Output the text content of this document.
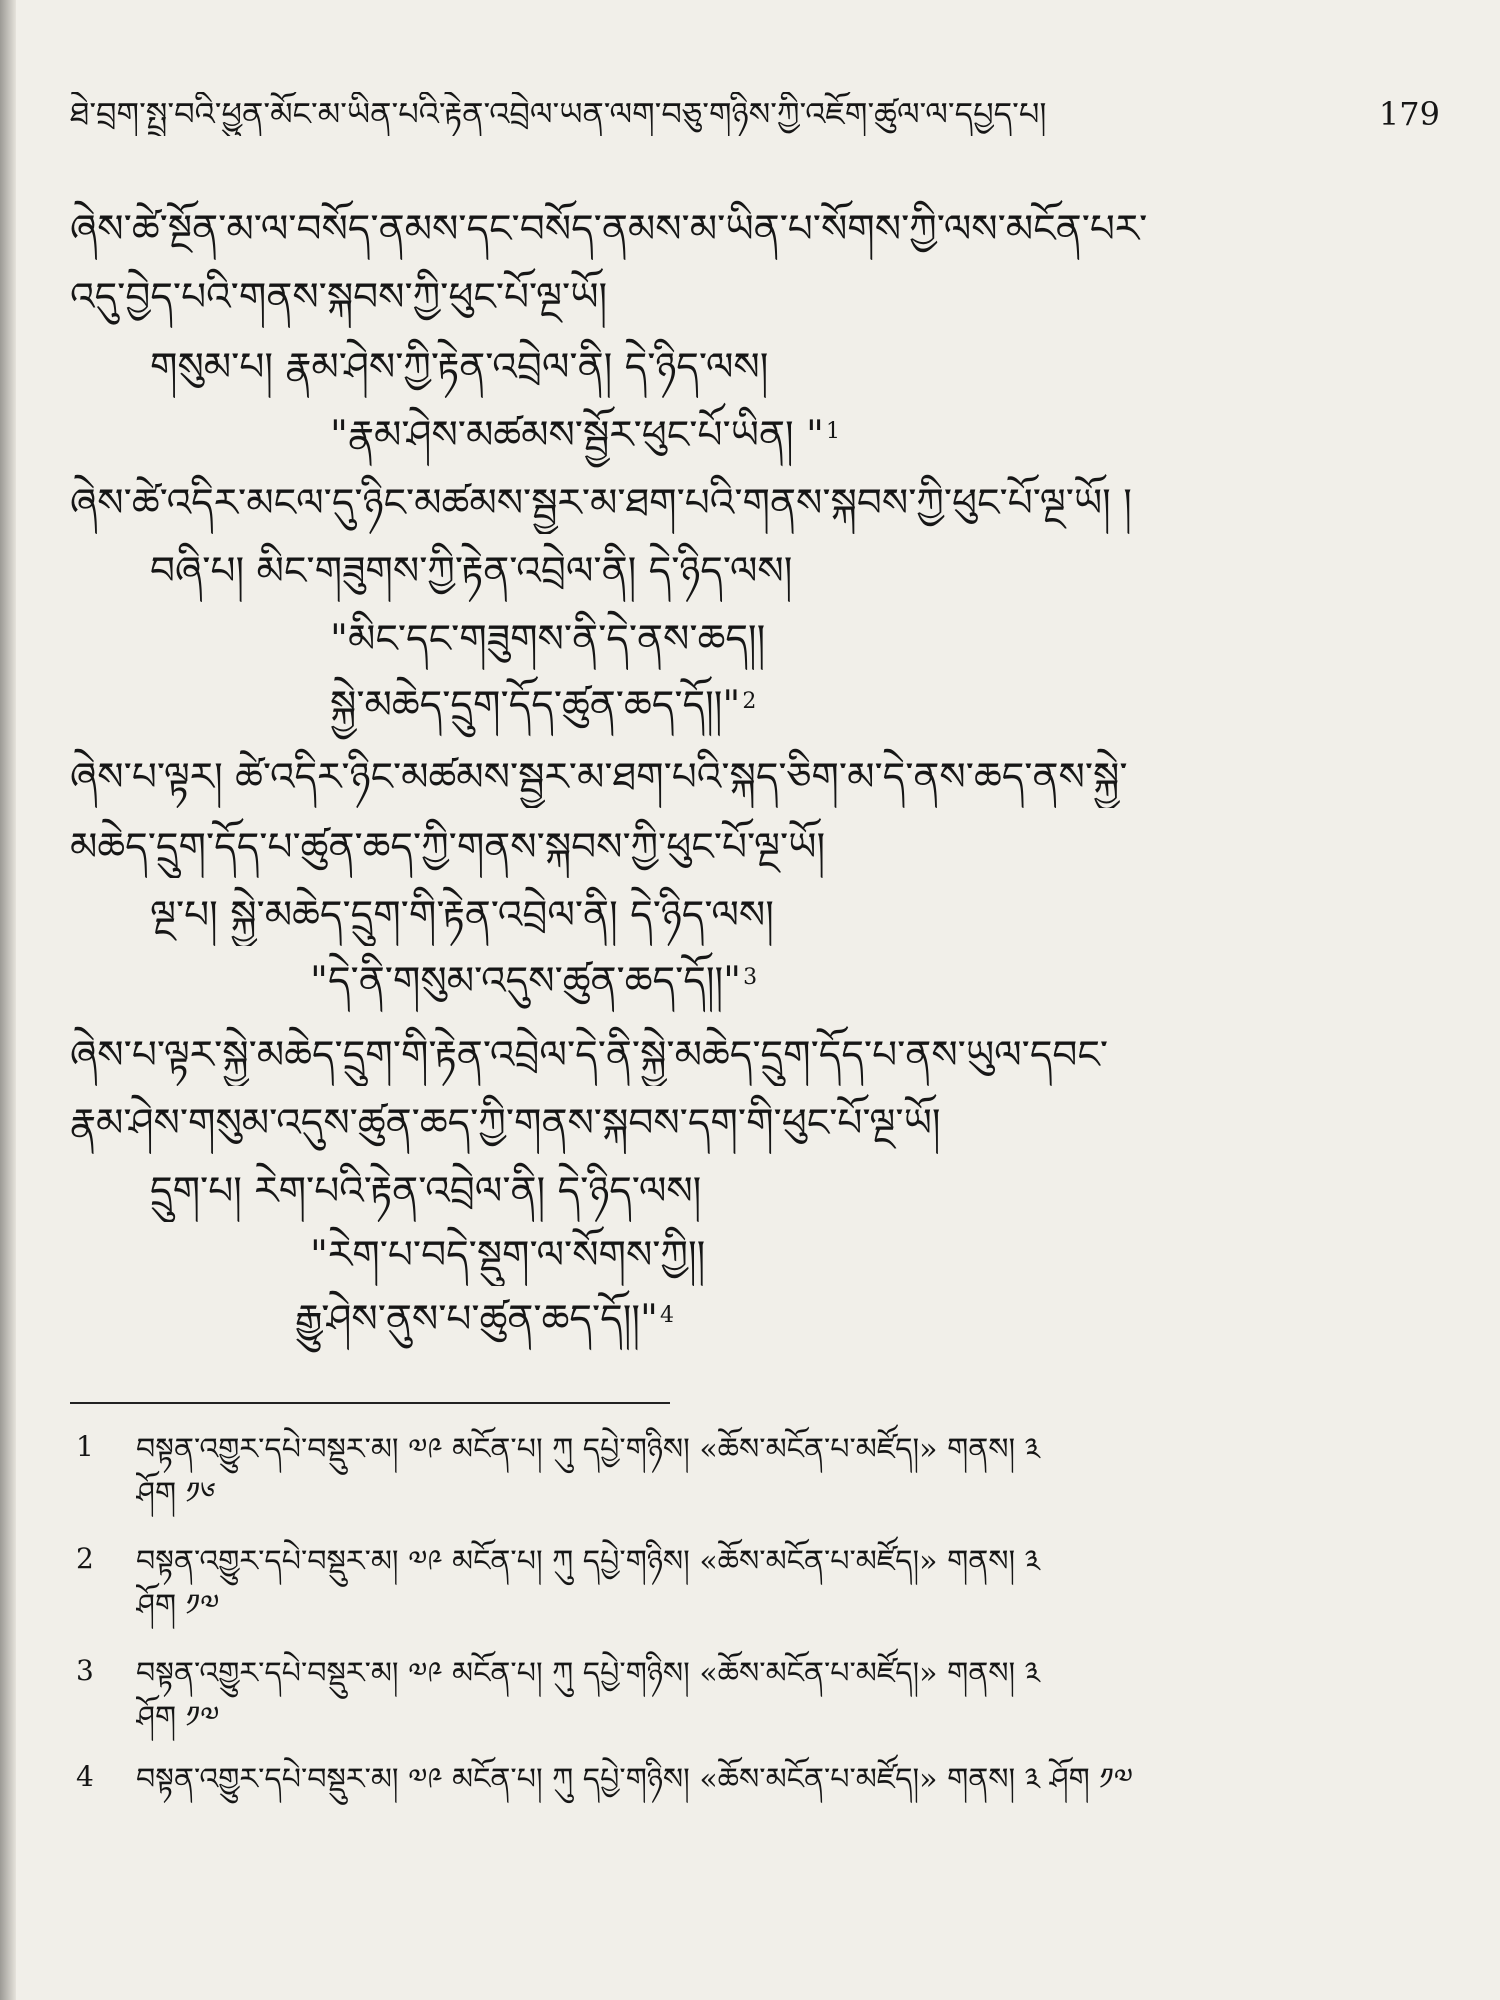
ཐེ་བྲག་སྤྲ་བའི་ཕྱུན་མོང་མ་ཡིན་པའི་རྟེན་འབྲེལ་ཡན་ལག་བཅུ་གཉིས་ཀྱི་འཇོག་ཚུལ་ལ་དཔྱད་པ།	179
ཞེས་ཚེ་སྔོན་མ་ལ་བསོད་ནམས་དང་བསོད་ནམས་མ་ཡིན་པ་སོགས་ཀྱི་ལས་མངོན་པར་
འདུ་བྱེད་པའི་གནས་སྐབས་ཀྱི་ཕུང་པོ་ལྔ་ཡོ།
གསུམ་པ། རྣམ་ཤེས་ཀྱི་རྟེན་འབྲེལ་ནི། དེ་ཉིད་ལས།
"རྣམ་ཤེས་མཚམས་སྦྱོར་ཕུང་པོ་ཡིན། "1
ཞེས་ཚེ་འདིར་མངལ་དུ་ཉིང་མཚམས་སྦྱར་མ་ཐག་པའི་གནས་སྐབས་ཀྱི་ཕུང་པོ་ལྔ་ཡོ། །
བཞི་པ། མིང་གཟུགས་ཀྱི་རྟེན་འབྲེལ་ནི། དེ་ཉིད་ལས།
"མིང་དང་གཟུགས་ནི་དེ་ནས་ཆད།།
སྐྱེ་མཆེད་དྲུག་དོད་ཚུན་ཆད་དོ།།"2
ཞེས་པ་ལྟར། ཚེ་འདིར་ཉིང་མཚམས་སྦྱར་མ་ཐག་པའི་སྐད་ཅིག་མ་དེ་ནས་ཆད་ནས་སྐྱེ་
མཆེད་དྲུག་དོད་པ་ཚུན་ཆད་ཀྱི་གནས་སྐབས་ཀྱི་ཕུང་པོ་ལྔ་ཡོ།
ལྔ་པ། སྐྱེ་མཆེད་དྲུག་གི་རྟེན་འབྲེལ་ནི། དེ་ཉིད་ལས།
"དེ་ནི་གསུམ་འདུས་ཚུན་ཆད་དོ།།"3
ཞེས་པ་ལྟར་སྐྱེ་མཆེད་དྲུག་གི་རྟེན་འབྲེལ་དེ་ནི་སྐྱེ་མཆེད་དྲུག་དོད་པ་ནས་ཡུལ་དབང་
རྣམ་ཤེས་གསུམ་འདུས་ཚུན་ཆད་ཀྱི་གནས་སྐབས་དག་གི་ཕུང་པོ་ལྔ་ཡོ།
དྲུག་པ། རེག་པའི་རྟེན་འབྲེལ་ནི། དེ་ཉིད་ལས།
"རེག་པ་བདེ་སྡུག་ལ་སོགས་ཀྱི།།
རྒྱུ་ཤེས་ནུས་པ་ཚུན་ཆད་དོ།།"4
1 བསྟན་འགྱུར་དཔེ་བསྡུར་མ། ༧༩ མངོན་པ། ཀུ དཔྱེ་གཉིས། «ཆོས་མངོན་པ་མཛོད།» གནས། ༣
ཤོག ༡༦
2 བསྟན་འགྱུར་དཔེ་བསྡུར་མ། ༧༩ མངོན་པ། ཀུ དཔྱེ་གཉིས། «ཆོས་མངོན་པ་མཛོད།» གནས། ༣
ཤོག ༡༧
3 བསྟན་འགྱུར་དཔེ་བསྡུར་མ། ༧༩ མངོན་པ། ཀུ དཔྱེ་གཉིས། «ཆོས་མངོན་པ་མཛོད།» གནས། ༣
ཤོག ༡༧
4 བསྟན་འགྱུར་དཔེ་བསྡུར་མ། ༧༩ མངོན་པ། ཀུ དཔྱེ་གཉིས། «ཆོས་མངོན་པ་མཛོད།» གནས། ༣ ཤོག ༡༧
